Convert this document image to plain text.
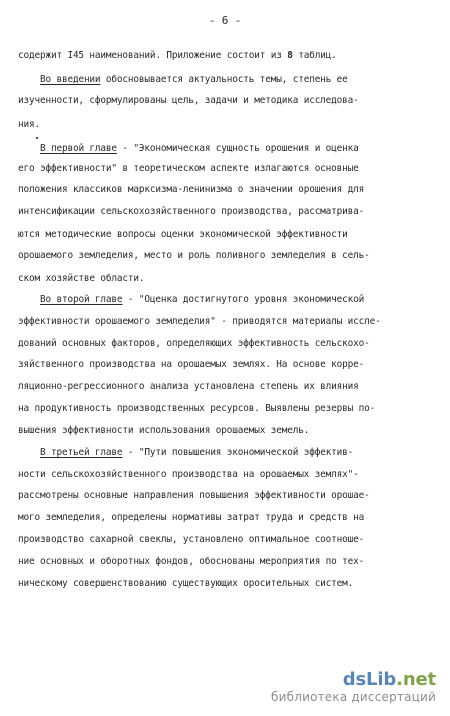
- 6 -
содержит I45 наименований. Приложение состоит из 8 таблиц.
Во введении обосновывается актуальность темы, степень ее
изученности, сформулированы цель, задачи и методика исследова-
ния.
В первой главе - "Экономическая сущность орошения и оценка
его эффективности" в теоретическом аспекте излагаются основные
положения классиков марксизма-ленинизма о значении орошения для
интенсификации сельскохозяйственного производства, рассматрива-
ются методические вопросы оценки экономической эффективности
орошаемого земледелия, место и роль поливного земледелия в сель-
ском хозяйстве области.
Во второй главе - "Оценка достигнутого уровня экономической
эффективности орошаемого земледелия" - приводятся материалы иссле-
дований основных факторов, определяющих эффективность сельскохо-
зяйственного производства на орошаемых землях. На основе корре-
ляционно-регрессионного анализа установлена степень их влияния
на продуктивность производственных ресурсов. Выявлены резервы по-
вышения эффективности использования орошаемых земель.
В третьей главе - "Пути повышения экономической эффектив-
ности сельскохозяйственного производства на орошаемых землях"-
рассмотрены основные направления повышения эффективности орошае-
мого земледелия, определены нормативы затрат труда и средств на
производство сахарной свеклы, установлено оптимальное соотноше-
ние основных и оборотных фондов, обоснованы мероприятия по тех-
ническому совершенствованию существующих оросительных систем.
dsLib.net
библиотека диссертаций
